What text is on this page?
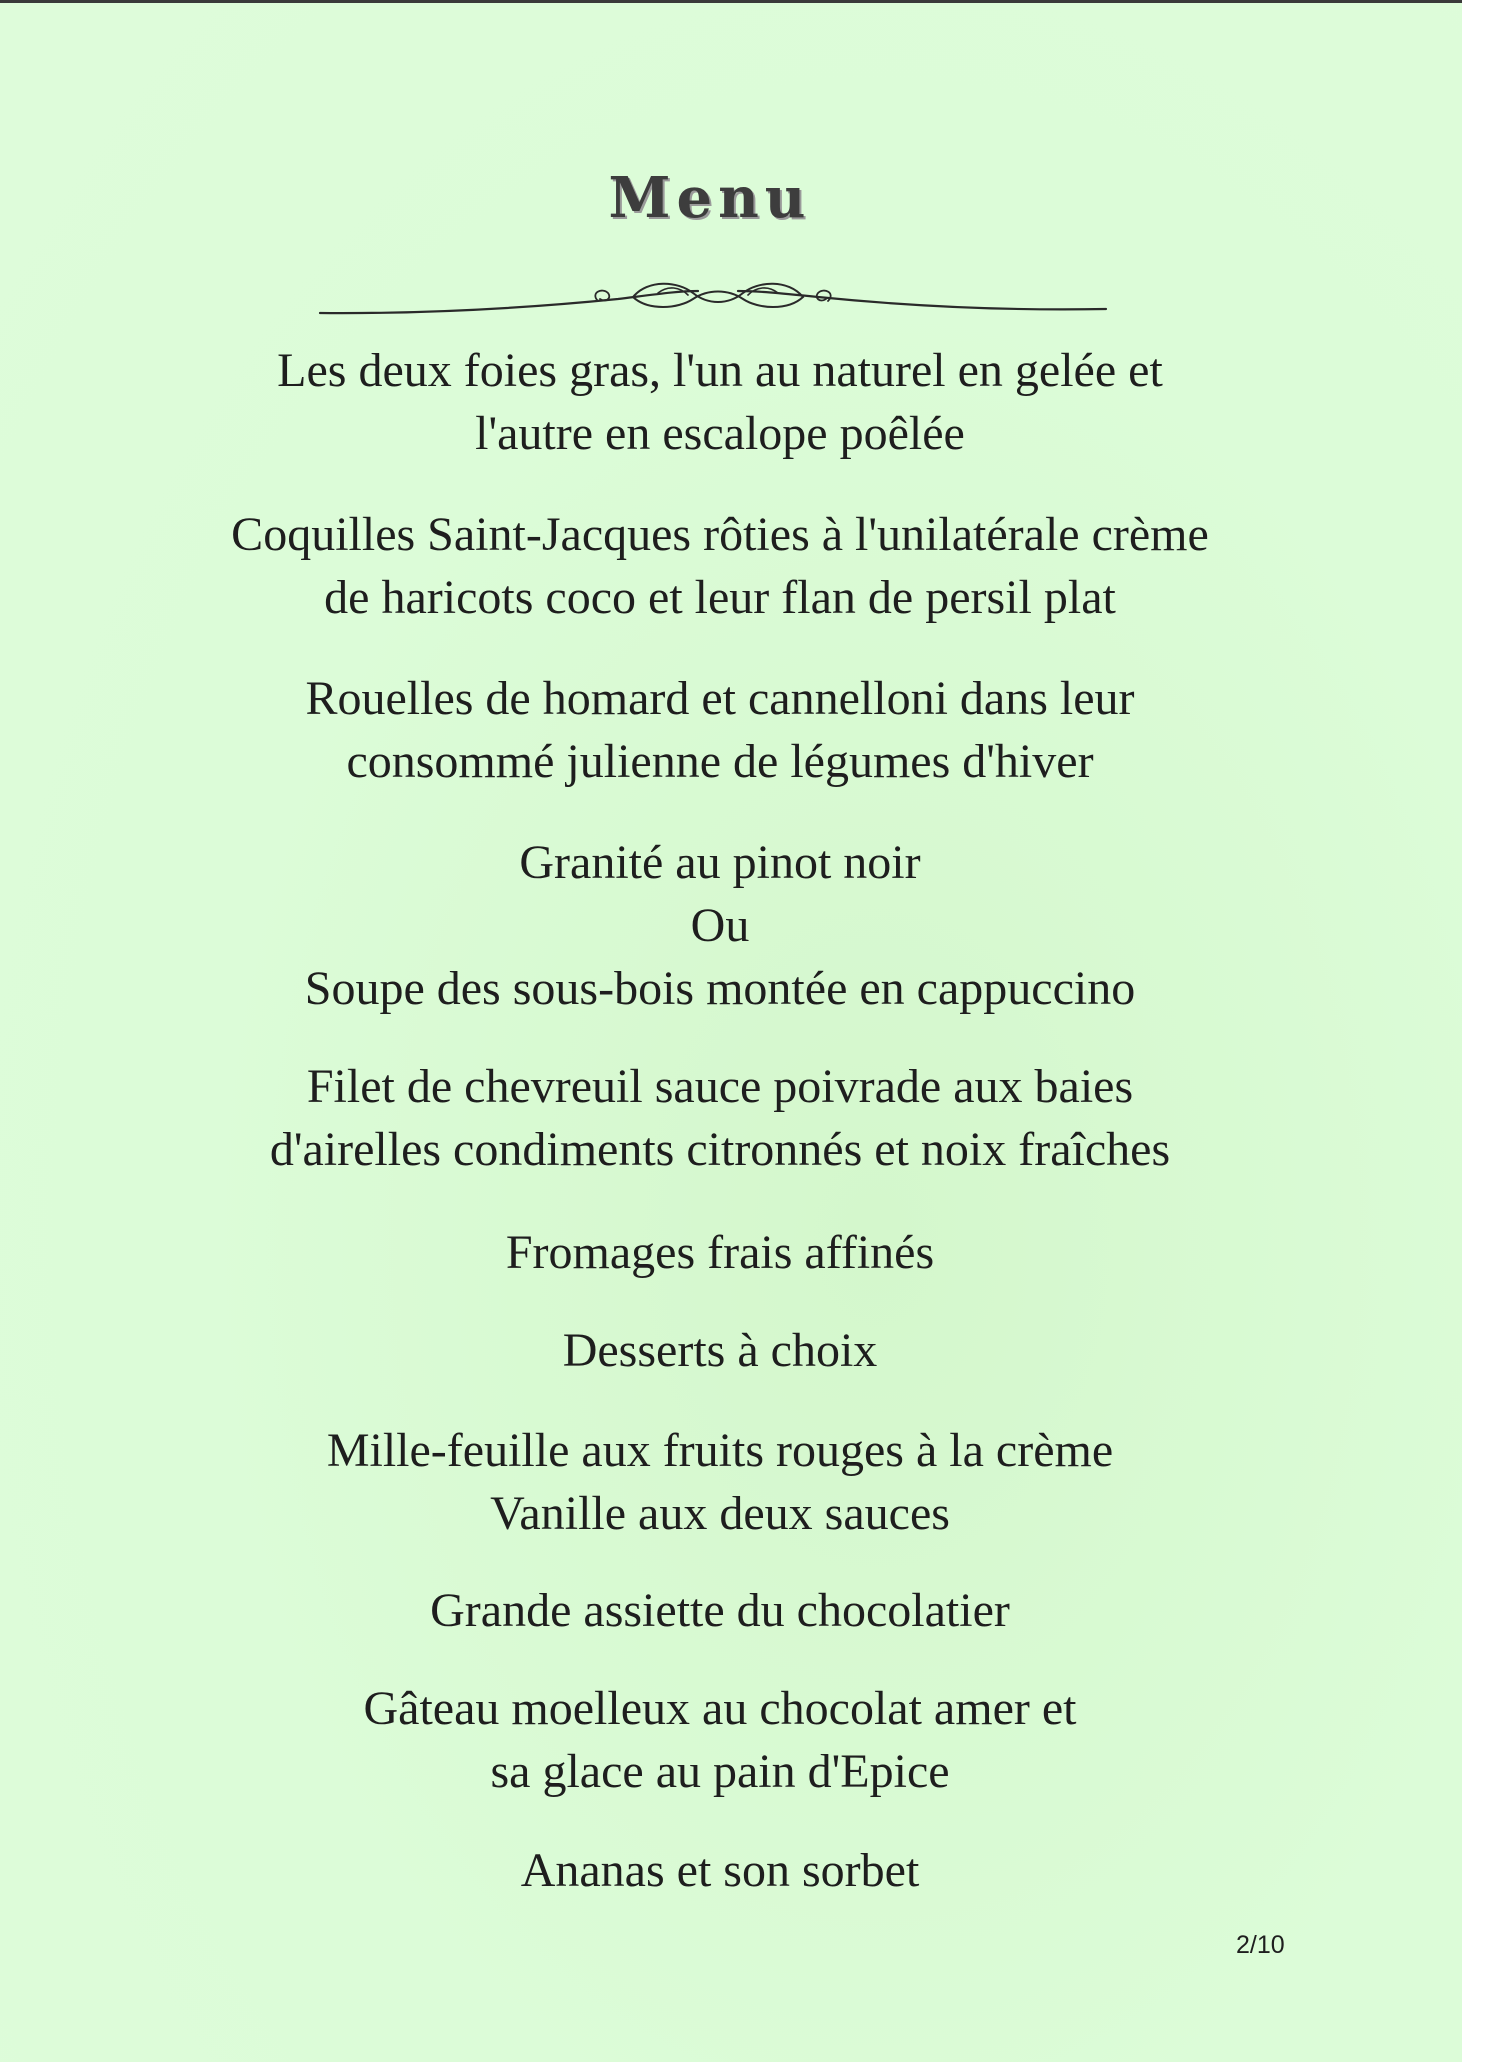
Menu
Les deux foies gras, l'un au naturel en gelée et
l'autre en escalope poêlée
Coquilles Saint-Jacques rôties à l'unilatérale crème
de haricots coco et leur flan de persil plat
Rouelles de homard et cannelloni dans leur
consommé julienne de légumes d'hiver
Granité au pinot noir
Ou
Soupe des sous-bois montée en cappuccino
Filet de chevreuil sauce poivrade aux baies
d'airelles condiments citronnés et noix fraîches
Fromages frais affinés
Desserts à choix
Mille-feuille aux fruits rouges à la crème
Vanille aux deux sauces
Grande assiette du chocolatier
Gâteau moelleux au chocolat amer et
sa glace au pain d'Epice
Ananas et son sorbet
2/10
